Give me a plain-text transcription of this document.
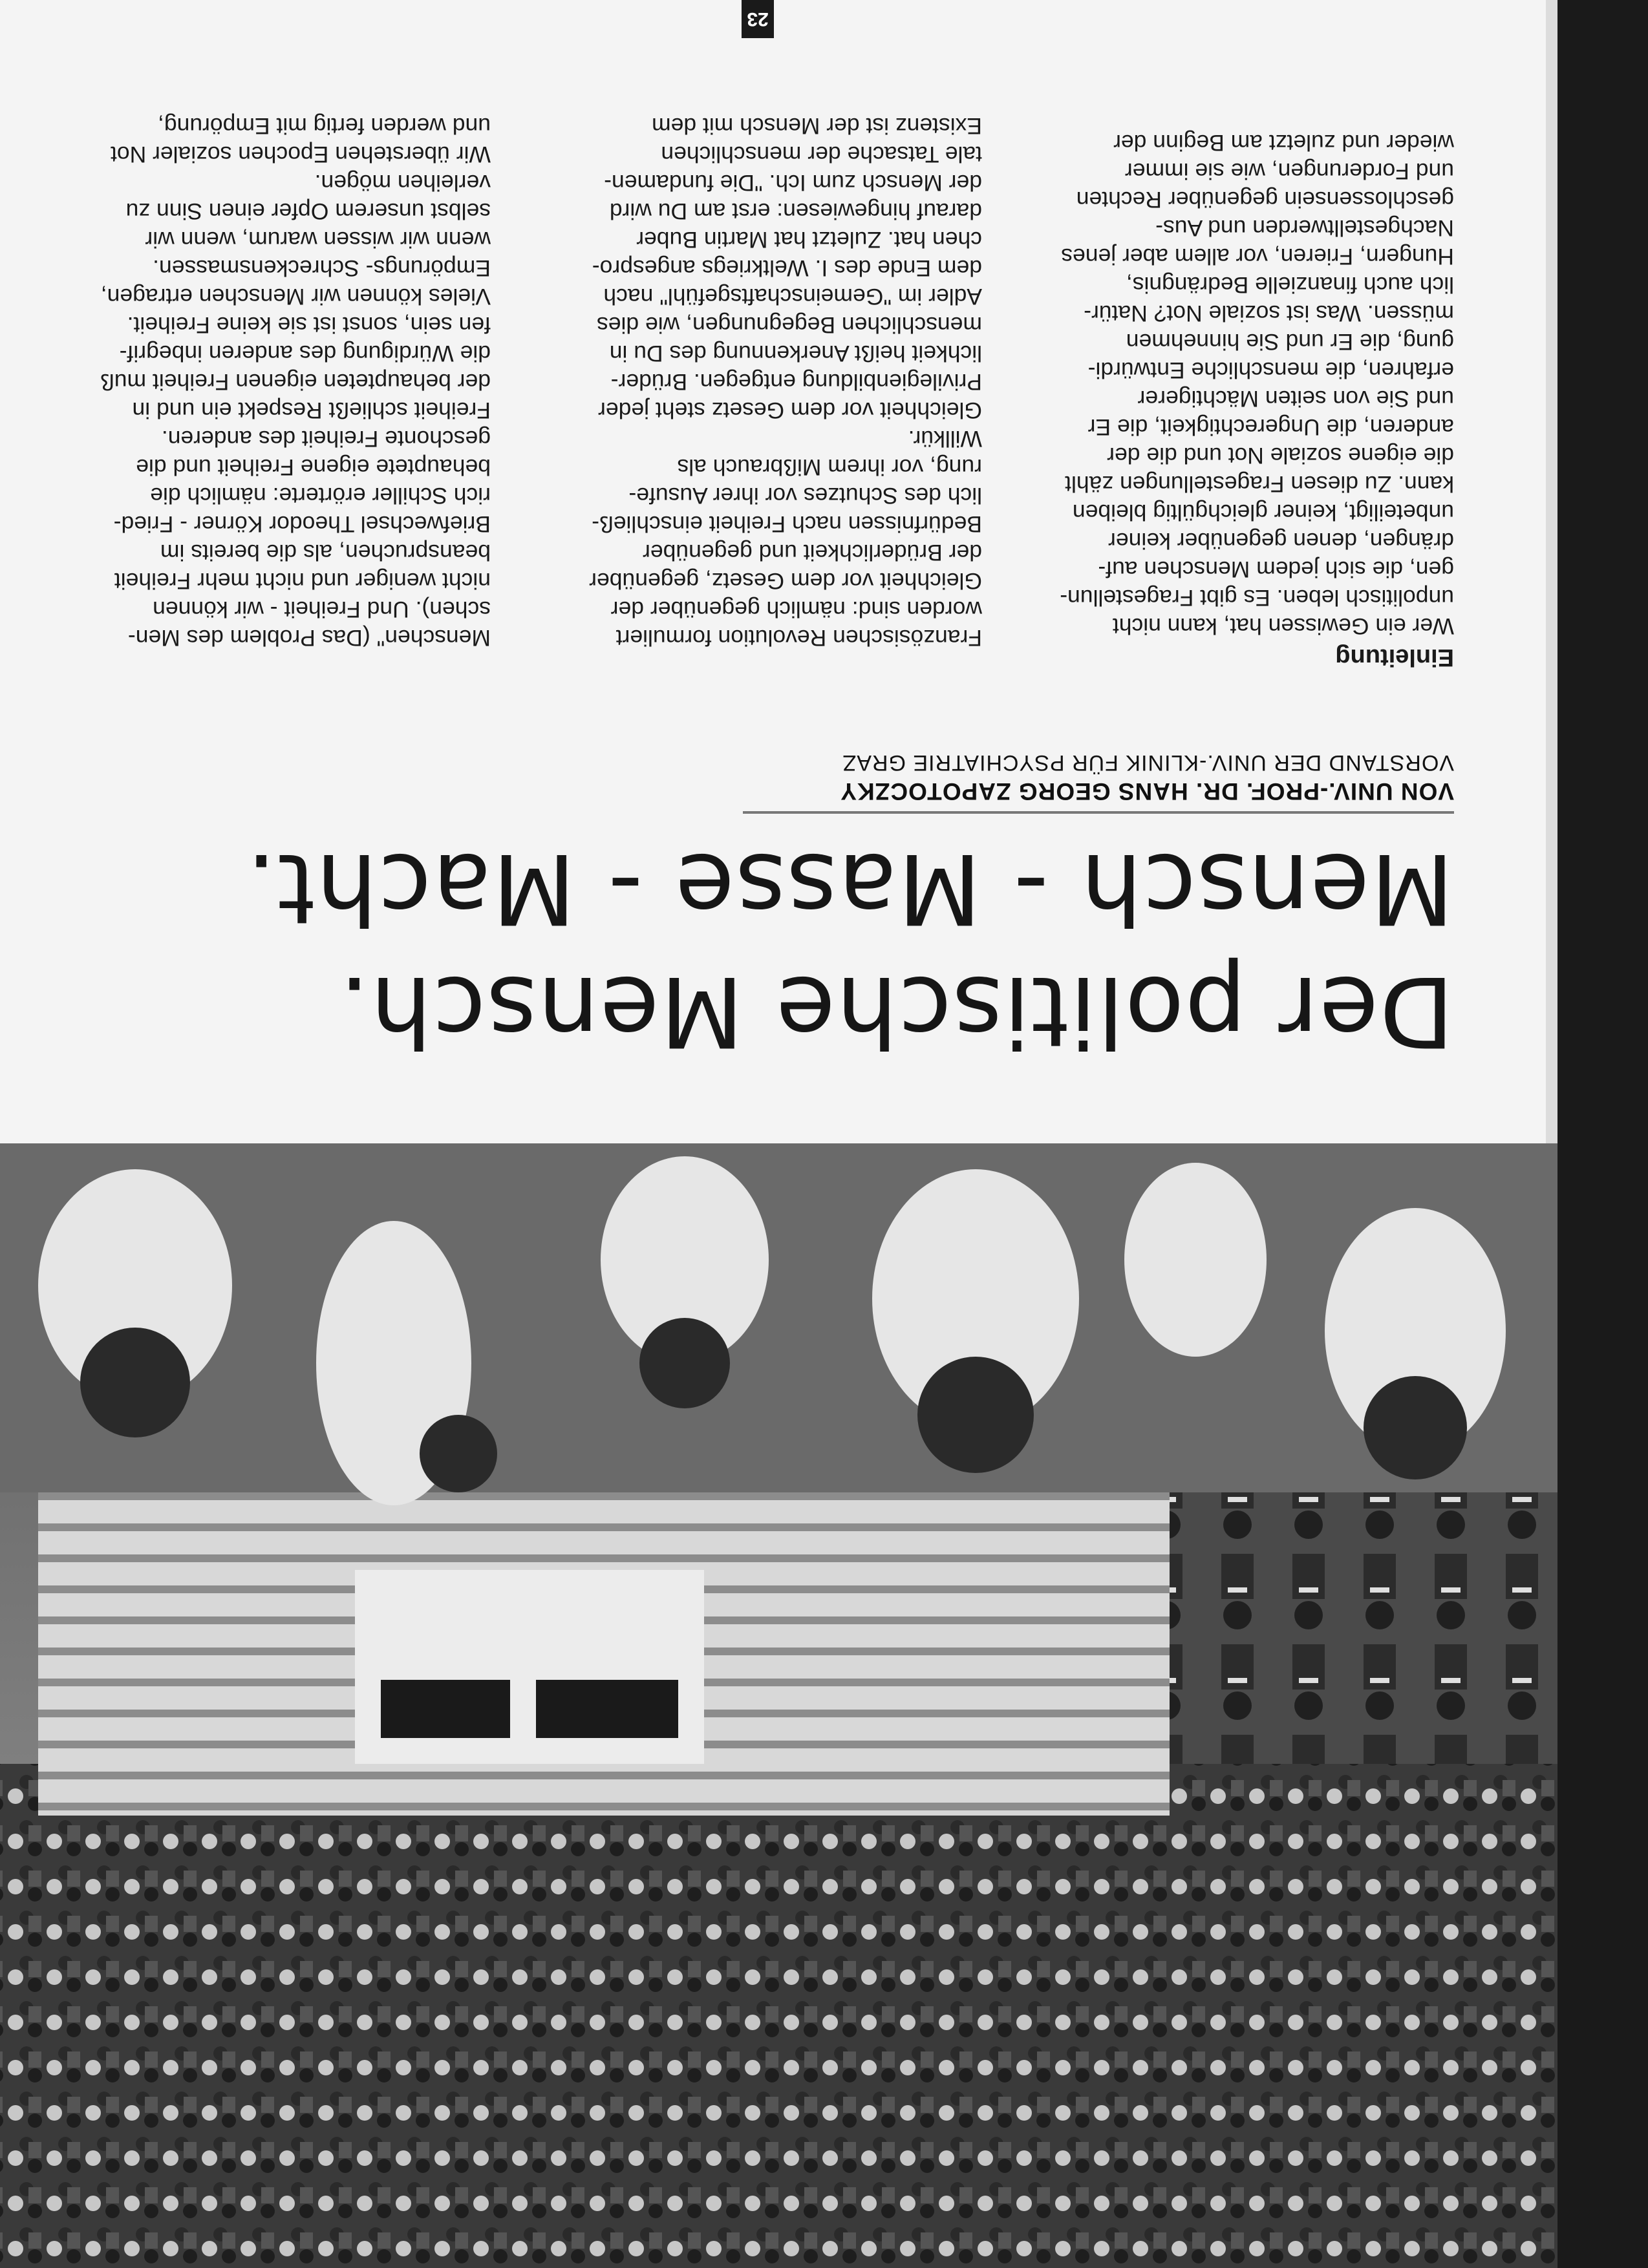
Der politische Mensch.
Mensch - Masse - Macht.
VON UNIV.-PROF. DR. HANS GEORG ZAPOTOCZKY
VORSTAND DER UNIV.-KLINIK FÜR PSYCHIATRIE GRAZ

Einleitung

Wer ein Gewissen hat, kann nicht
unpolitisch leben. Es gibt Fragestellun-
gen, die sich jedem Menschen auf-
drängen, denen gegenüber keiner
unbeteiligt, keiner gleichgültig bleiben
kann. Zu diesen Fragestellungen zählt
die eigene soziale Not und die der
anderen, die Ungerechtigkeit, die Er
und Sie von seiten Mächtigerer
erfahren, die menschliche Entwürdi-
gung, die Er und Sie hinnehmen
müssen. Was ist soziale Not? Natür-
lich auch finanzielle Bedrängnis,
Hungern, Frieren, vor allem aber jenes
Nachgestelltwerden und Aus-
geschlossensein gegenüber Rechten
und Forderungen, wie sie immer
wieder und zuletzt am Beginn der

Französischen Revolution formuliert
worden sind: nämlich gegenüber der
Gleichheit vor dem Gesetz, gegenüber
der Brüderlichkeit und gegenüber
Bedürfnissen nach Freiheit einschließ-
lich des Schutzes vor ihrer Ausufe-
rung, vor ihrem Mißbrauch als
Willkür.
Gleichheit vor dem Gesetz steht jeder
Privilegienbildung entgegen. Brüder-
lichkeit heißt Anerkennung des Du in
menschlichen Begegnungen, wie dies
Adler im "Gemeinschaftsgefühl" nach
dem Ende des I. Weltkriegs angespro-
chen hat. Zuletzt hat Martin Buber
darauf hingewiesen: erst am Du wird
der Mensch zum Ich. "Die fundamen-
tale Tatsache der menschlichen
Existenz ist der Mensch mit dem

Menschen" (Das Problem des Men-
schen). Und Freiheit - wir können
nicht weniger und nicht mehr Freiheit
beanspruchen, als die bereits im
Briefwechsel Theodor Körner - Fried-
rich Schiller erörterte: nämlich die
behauptete eigene Freiheit und die
geschonte Freiheit des anderen.
Freiheit schließt Respekt ein und in
der behaupteten eigenen Freiheit muß
die Würdigung des anderen inbegrif-
fen sein, sonst ist sie keine Freiheit.
Vieles können wir Menschen ertragen,
Empörungs- Schreckensmassen.
wenn wir wissen warum, wenn wir
selbst unserem Opfer einen Sinn zu
verleihen mögen.
Wir überstehen Epochen sozialer Not
und werden fertig mit Empörung,

23
